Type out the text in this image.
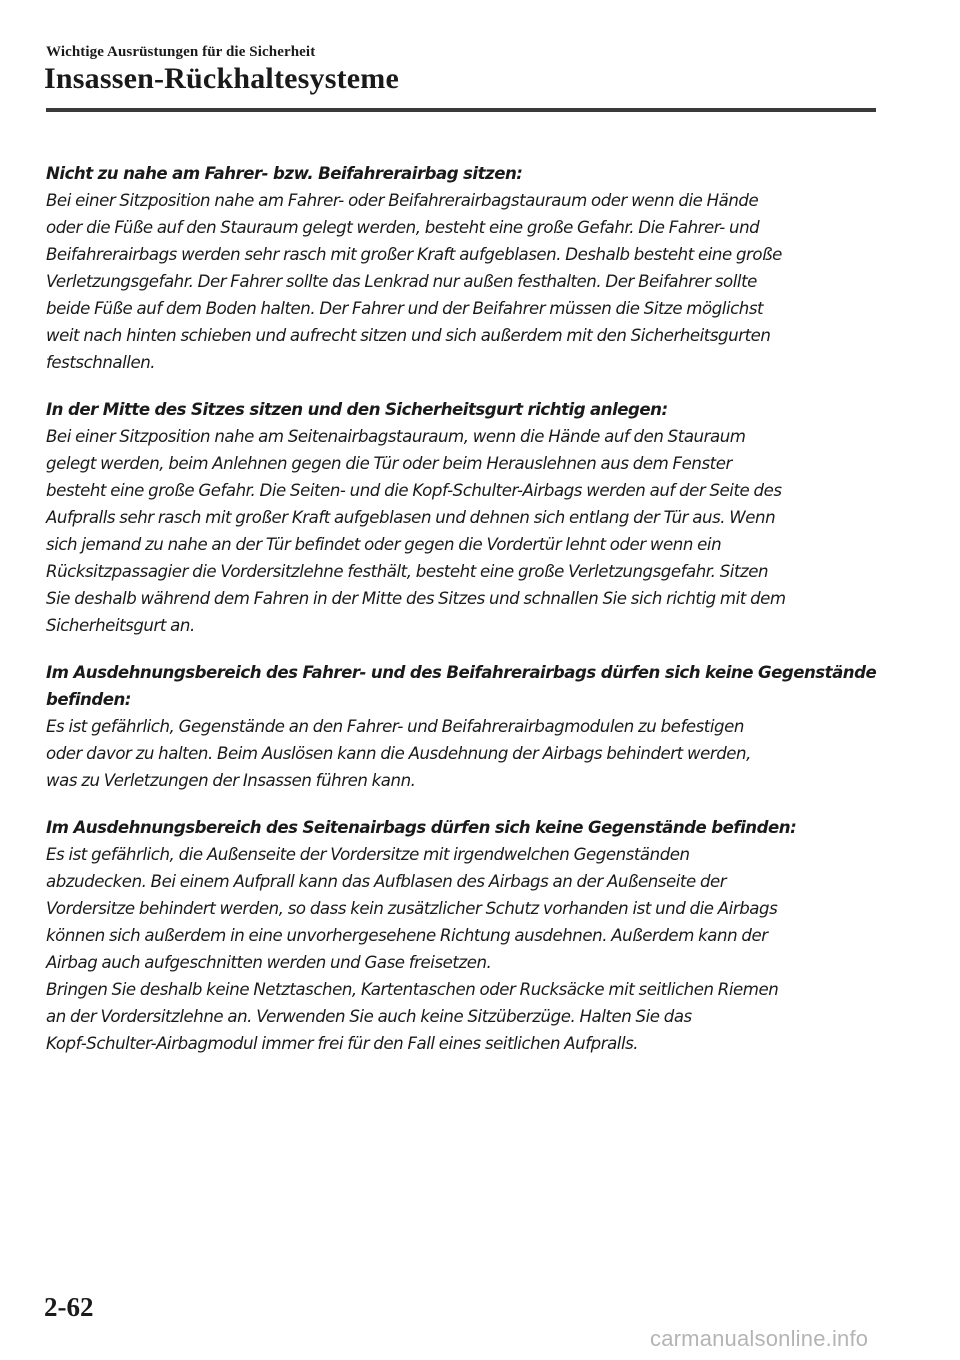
Wichtige Ausrüstungen für die Sicherheit
Insassen-Rückhaltesysteme
Nicht zu nahe am Fahrer- bzw. Beifahrerairbag sitzen:
Bei einer Sitzposition nahe am Fahrer- oder Beifahrerairbagstauraum oder wenn die Hände
oder die Füße auf den Stauraum gelegt werden, besteht eine große Gefahr. Die Fahrer- und
Beifahrerairbags werden sehr rasch mit großer Kraft aufgeblasen. Deshalb besteht eine große
Verletzungsgefahr. Der Fahrer sollte das Lenkrad nur außen festhalten. Der Beifahrer sollte
beide Füße auf dem Boden halten. Der Fahrer und der Beifahrer müssen die Sitze möglichst
weit nach hinten schieben und aufrecht sitzen und sich außerdem mit den Sicherheitsgurten
festschnallen.
In der Mitte des Sitzes sitzen und den Sicherheitsgurt richtig anlegen:
Bei einer Sitzposition nahe am Seitenairbagstauraum, wenn die Hände auf den Stauraum
gelegt werden, beim Anlehnen gegen die Tür oder beim Herauslehnen aus dem Fenster
besteht eine große Gefahr. Die Seiten- und die Kopf-Schulter-Airbags werden auf der Seite des
Aufpralls sehr rasch mit großer Kraft aufgeblasen und dehnen sich entlang der Tür aus. Wenn
sich jemand zu nahe an der Tür befindet oder gegen die Vordertür lehnt oder wenn ein
Rücksitzpassagier die Vordersitzlehne festhält, besteht eine große Verletzungsgefahr. Sitzen
Sie deshalb während dem Fahren in der Mitte des Sitzes und schnallen Sie sich richtig mit dem
Sicherheitsgurt an.
Im Ausdehnungsbereich des Fahrer- und des Beifahrerairbags dürfen sich keine Gegenstände
befinden:
Es ist gefährlich, Gegenstände an den Fahrer- und Beifahrerairbagmodulen zu befestigen
oder davor zu halten. Beim Auslösen kann die Ausdehnung der Airbags behindert werden,
was zu Verletzungen der Insassen führen kann.
Im Ausdehnungsbereich des Seitenairbags dürfen sich keine Gegenstände befinden:
Es ist gefährlich, die Außenseite der Vordersitze mit irgendwelchen Gegenständen
abzudecken. Bei einem Aufprall kann das Aufblasen des Airbags an der Außenseite der
Vordersitze behindert werden, so dass kein zusätzlicher Schutz vorhanden ist und die Airbags
können sich außerdem in eine unvorhergesehene Richtung ausdehnen. Außerdem kann der
Airbag auch aufgeschnitten werden und Gase freisetzen.
Bringen Sie deshalb keine Netztaschen, Kartentaschen oder Rucksäcke mit seitlichen Riemen
an der Vordersitzlehne an. Verwenden Sie auch keine Sitzüberzüge. Halten Sie das
Kopf-Schulter-Airbagmodul immer frei für den Fall eines seitlichen Aufpralls.
2-62
carmanualsonline.info
